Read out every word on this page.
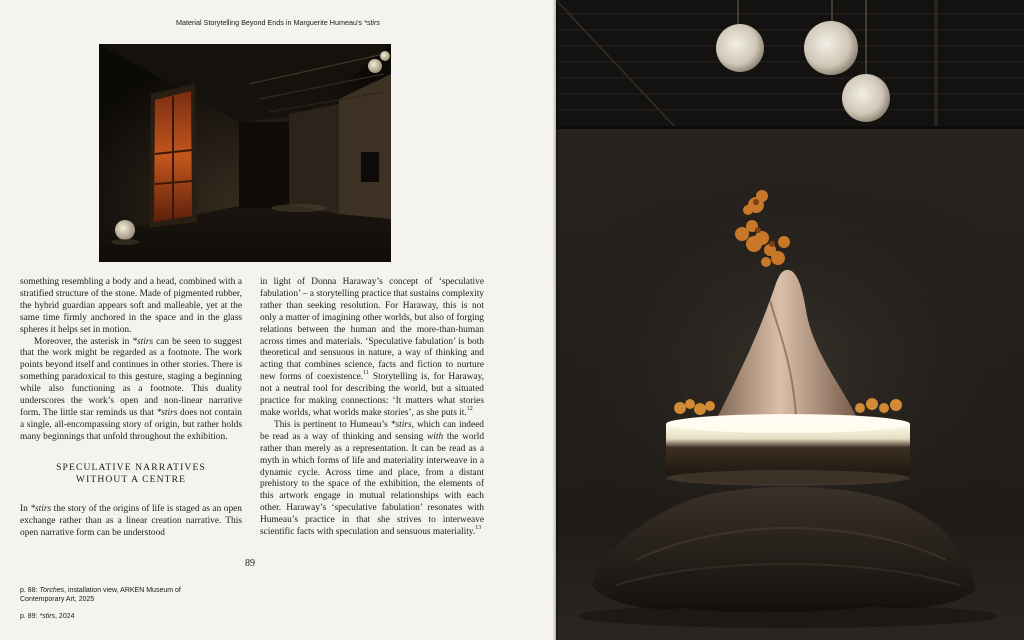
Material Storytelling Beyond Ends in Marguerite Humeau’s *stirs

something resembling a body and a head, combined with a stratified structure of the stone. Made of pigmented rubber, the hybrid guardian appears soft and malleable, yet at the same time firmly anchored in the space and in the glass spheres it helps set in motion.

Moreover, the asterisk in *stirs can be seen to suggest that the work might be regarded as a footnote. The work points beyond itself and continues in other stories. There is something paradoxical to this gesture, staging a beginning while also functioning as a footnote. This duality underscores the work’s open and non-linear narrative form. The little star reminds us that *stirs does not contain a single, all-encompassing story of origin, but rather holds many beginnings that unfold throughout the exhibition.

SPECULATIVE NARRATIVES
WITHOUT A CENTRE

In *stirs the story of the origins of life is staged as an open exchange rather than as a linear creation narrative. This open narrative form can be understood

in light of Donna Haraway’s concept of ‘speculative fabulation’ – a storytelling practice that sustains complexity rather than seeking resolution. For Haraway, this is not only a matter of imagining other worlds, but also of forging relations between the human and the more-than-human across times and materials. ‘Speculative fabulation’ is both theoretical and sensuous in nature, a way of thinking and acting that combines science, facts and fiction to nurture new forms of coexistence.$^{11}$ Storytelling is, for Haraway, not a neutral tool for describing the world, but a situated practice for making connections: ‘It matters what stories make worlds, what worlds make stories’, as she puts it.$^{12}$

This is pertinent to Humeau’s *stirs, which can indeed be read as a way of thinking and sensing with the world rather than merely as a representation. It can be read as a myth in which forms of life and materiality interweave in a dynamic cycle. Across time and place, from a distant prehistory to the space of the exhibition, the elements of this artwork engage in mutual relationships with each other. Haraway’s ‘speculative fabulation’ resonates with Humeau’s practice in that she strives to interweave scientific facts with speculation and sensuous materiality.$^{13}$

89
p. 88: Torches, installation view, ARKEN Museum of Contemporary Art, 2025
p. 89: *stirs, 2024
